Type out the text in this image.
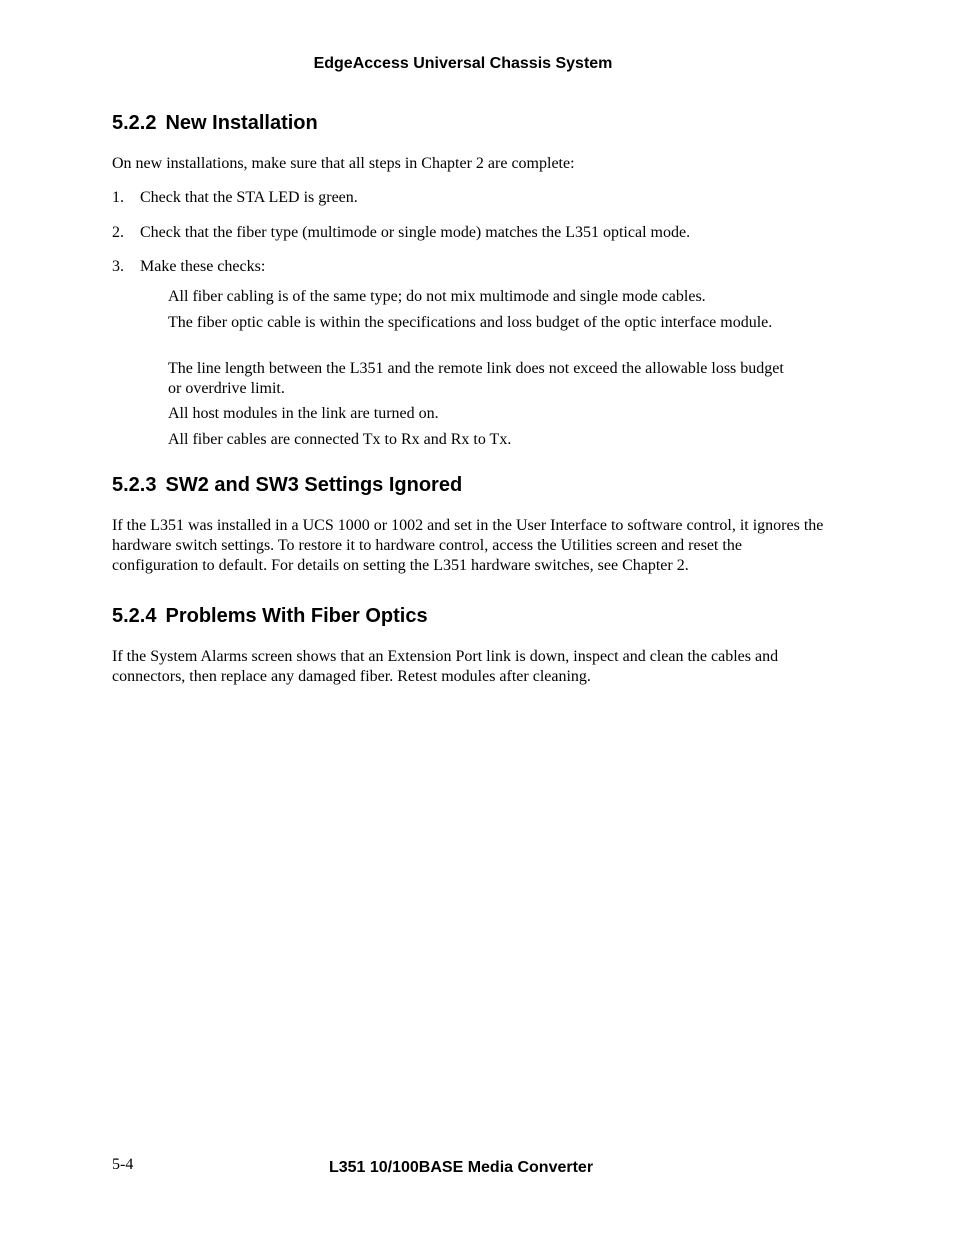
EdgeAccess Universal Chassis System
5.2.2 New Installation

On new installations, make sure that all steps in Chapter 2 are complete:

1. Check that the STA LED is green.
2. Check that the fiber type (multimode or single mode) matches the L351 optical mode.
3. Make these checks:

All fiber cabling is of the same type; do not mix multimode and single mode cables.

The fiber optic cable is within the specifications and loss budget of the optic interface module.

The line length between the L351 and the remote link does not exceed the allowable loss budget or overdrive limit.

All host modules in the link are turned on.

All fiber cables are connected Tx to Rx and Rx to Tx.

5.2.3 SW2 and SW3 Settings Ignored

If the L351 was installed in a UCS 1000 or 1002 and set in the User Interface to software control, it ignores the hardware switch settings. To restore it to hardware control, access the Utilities screen and reset the configuration to default. For details on setting the L351 hardware switches, see Chapter 2.

5.2.4 Problems With Fiber Optics

If the System Alarms screen shows that an Extension Port link is down, inspect and clean the cables and connectors, then replace any damaged fiber. Retest modules after cleaning.

5-4	L351 10/100BASE Media Converter
